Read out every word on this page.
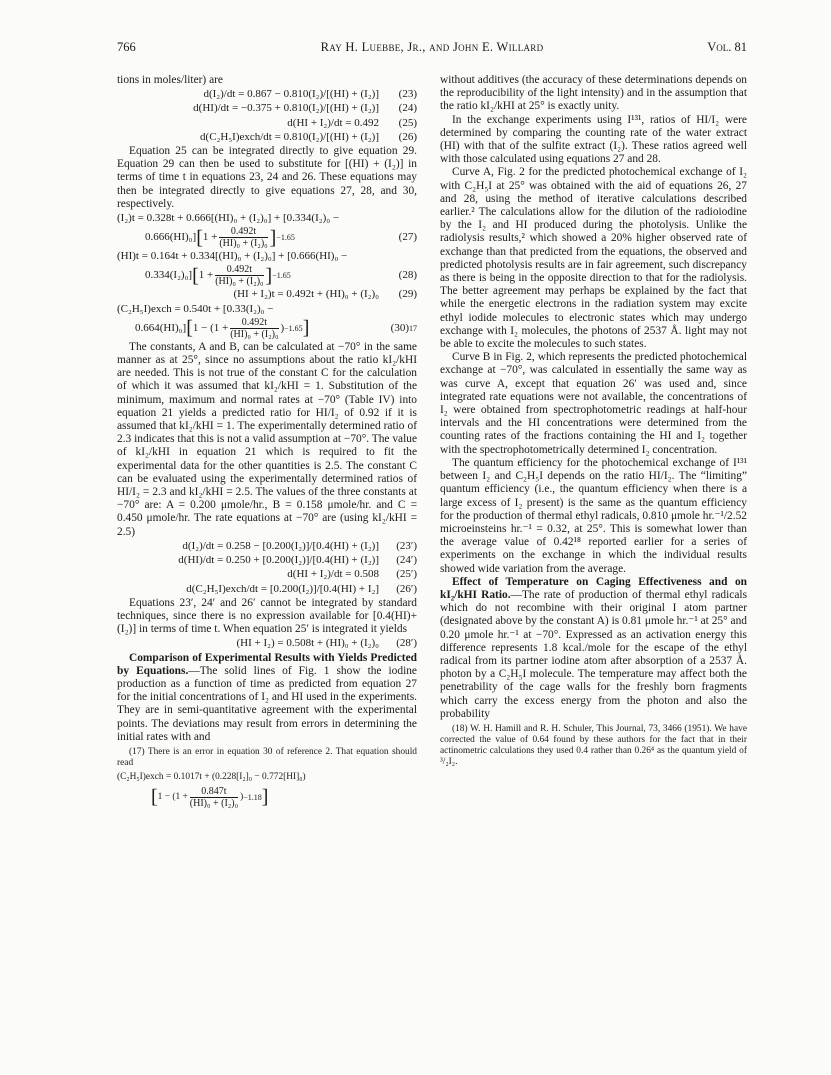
766	Ray H. Luebbe, Jr., and John E. Willard	Vol. 81

tions in moles/liter) are

d(I₂)/dt = 0.867 − 0.810(I₂)/[(HI) + (I₂)]	(23)
d(HI)/dt = −0.375 + 0.810(I₂)/[(HI) + (I₂)]	(24)
d(HI + I₂)/dt = 0.492	(25)
d(C₂H₅I)exch/dt = 0.810(I₂)/[(HI) + (I₂)]	(26)

Equation 25 can be integrated directly to give equation 29. Equation 29 can then be used to substitute for [(HI) + (I₂)] in terms of time t in equations 23, 24 and 26. These equations may then be integrated directly to give equations 27, 28, and 30, respectively.

(I₂)t = 0.328t + 0.666[(HI)₀ + (I₂)₀] + [0.334(I₂)₀ −
0.666(HI)₀] [ $1 + \frac{0.492t}{\text{(HI)₀ + (I₂)₀}}$ ] −1.65	(27)
(HI)t = 0.164t + 0.334[(HI)₀ + (I₂)₀] + [0.666(HI)₀ −
0.334(I₂)₀] [ $1 + \frac{0.492t}{\text{(HI)₀ + (I₂)₀}}$ ] −1.65	(28)
(HI + I₂)t = 0.492t + (HI)₀ + (I₂)₀	(29)
(C₂H₅I)exch = 0.540t + [0.33(I₂)₀ −
0.664(HI)₀] [ $1 - (1 + \frac{0.492t}{\text{(HI)₀ + (I₂)₀}}$ ) −1.65 ]	(30) 17

The constants, A and B, can be calculated at −70° in the same manner as at 25°, since no assumptions about the ratio kI₂/kHI are needed. This is not true of the constant C for the calculation of which it was assumed that kI₂/kHI = 1. Substitution of the minimum, maximum and normal rates at −70° (Table IV) into equation 21 yields a predicted ratio for HI/I₂ of 0.92 if it is assumed that kI₂/kHI = 1. The experimentally determined ratio of 2.3 indicates that this is not a valid assumption at −70°. The value of kI₂/kHI in equation 21 which is required to fit the experimental data for the other quantities is 2.5. The constant C can be evaluated using the experimentally determined ratios of HI/I₂ = 2.3 and kI₂/kHI = 2.5. The values of the three constants at −70° are: A = 0.200 μmole/hr., B = 0.158 μmole/hr. and C = 0.450 μmole/hr. The rate equations at −70° are (using kI₂/kHI = 2.5)

d(I₂)/dt = 0.258 − [0.200(I₂)]/[0.4(HI) + (I₂)]	(23′)
d(HI)/dt = 0.250 + [0.200(I₂)]/[0.4(HI) + (I₂)]	(24′)
d(HI + I₂)/dt = 0.508	(25′)
d(C₂H₅I)exch/dt = [0.200(I₂)]/[0.4(HI) + I₂]	(26′)

Equations 23′, 24′ and 26′ cannot be integrated by standard techniques, since there is no expression available for [0.4(HI)+(I₂)] in terms of time t. When equation 25′ is integrated it yields

(HI + I₂) = 0.508t + (HI)₀ + (I₂)₀	(28′)

Comparison of Experimental Results with Yields Predicted by Equations.—The solid lines of Fig. 1 show the iodine production as a function of time as predicted from equation 27 for the initial concentrations of I₂ and HI used in the experiments. They are in semi-quantitative agreement with the experimental points. The deviations may result from errors in determining the initial rates with and

(17) There is an error in equation 30 of reference 2. That equation should read

(C₂H₅I)exch = 0.1017t + (0.228[I₂]₀ − 0.772[HI]₀)
[ $1 - (1 + \frac{0.847t}{\text{(HI)₀ + (I₂)₀}}$ ) −1.18 ]

without additives (the accuracy of these determinations depends on the reproducibility of the light intensity) and in the assumption that the ratio kI₂/kHI at 25° is exactly unity.

In the exchange experiments using I¹³¹, ratios of HI/I₂ were determined by comparing the counting rate of the water extract (HI) with that of the sulfite extract (I₂). These ratios agreed well with those calculated using equations 27 and 28.

Curve A, Fig. 2 for the predicted photochemical exchange of I₂ with C₂H₅I at 25° was obtained with the aid of equations 26, 27 and 28, using the method of iterative calculations described earlier.² The calculations allow for the dilution of the radioiodine by the I₂ and HI produced during the photolysis. Unlike the radiolysis results,² which showed a 20% higher observed rate of exchange than that predicted from the equations, the observed and predicted photolysis results are in fair agreement, such discrepancy as there is being in the opposite direction to that for the radiolysis. The better agreement may perhaps be explained by the fact that while the energetic electrons in the radiation system may excite ethyl iodide molecules to electronic states which may undergo exchange with I₂ molecules, the photons of 2537 Å. light may not be able to excite the molecules to such states.

Curve B in Fig. 2, which represents the predicted photochemical exchange at −70°, was calculated in essentially the same way as was curve A, except that equation 26′ was used and, since integrated rate equations were not available, the concentrations of I₂ were obtained from spectrophotometric readings at half-hour intervals and the HI concentrations were determined from the counting rates of the fractions containing the HI and I₂ together with the spectrophotometrically determined I₂ concentration.

The quantum efficiency for the photochemical exchange of I¹³¹ between I₂ and C₂H₅I depends on the ratio HI/I₂. The “limiting” quantum efficiency (i.e., the quantum efficiency when there is a large excess of I₂ present) is the same as the quantum efficiency for the production of thermal ethyl radicals, 0.810 μmole hr.⁻¹/2.52 microeinsteins hr.⁻¹ = 0.32, at 25°. This is somewhat lower than the average value of 0.42¹⁸ reported earlier for a series of experiments on the exchange in which the individual results showed wide variation from the average.

Effect of Temperature on Caging Effectiveness and on kI₂/kHI Ratio.—The rate of production of thermal ethyl radicals which do not recombine with their original I atom partner (designated above by the constant A) is 0.81 μmole hr.⁻¹ at 25° and 0.20 μmole hr.⁻¹ at −70°. Expressed as an activation energy this difference represents 1.8 kcal./mole for the escape of the ethyl radical from its partner iodine atom after absorption of a 2537 Å. photon by a C₂H₅I molecule. The temperature may affect both the penetrability of the cage walls for the freshly born fragments which carry the excess energy from the photon and also the probability

(18) W. H. Hamill and R. H. Schuler, This Journal, 73, 3466 (1951). We have corrected the value of 0.64 found by these authors for the fact that in their actinometric calculations they used 0.4 rather than 0.26⁴ as the quantum yield of ³/₂I₂.
